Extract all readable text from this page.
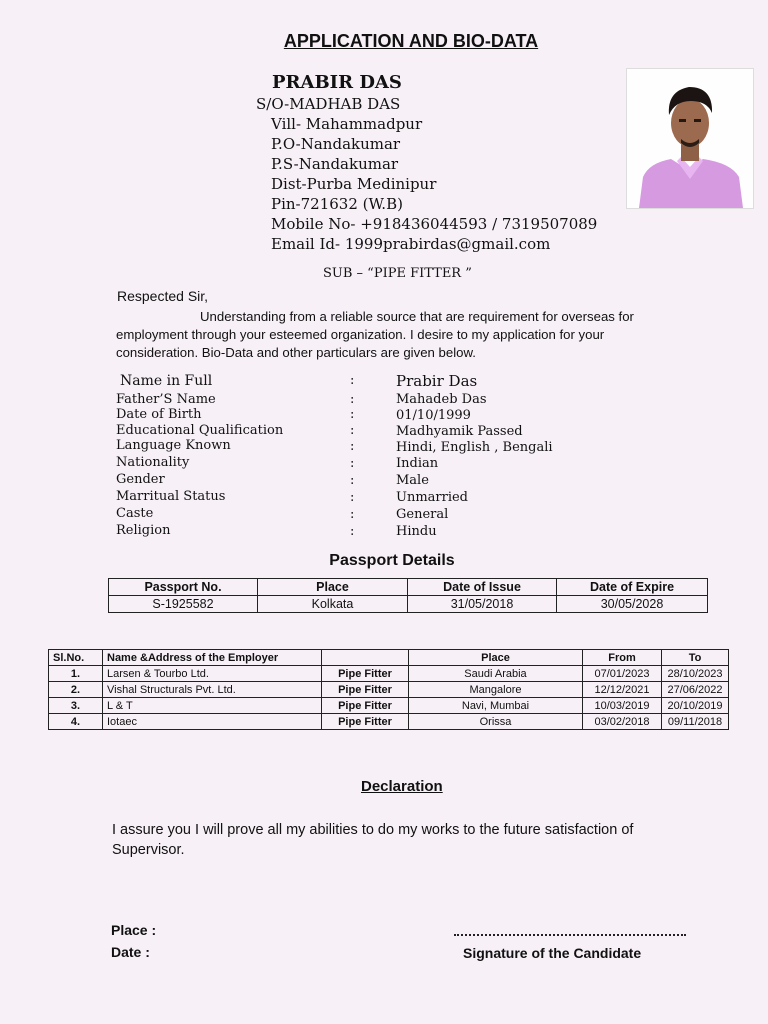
APPLICATION AND BIO-DATA
PRABIR DAS
S/O-MADHAB DAS
Vill- Mahammadpur
P.O-Nandakumar
P.S-Nandakumar
Dist-Purba Medinipur
Pin-721632 (W.B)
Mobile No- +918436044593 / 7319507089
Email Id- 1999prabirdas@gmail.com
SUB – “PIPE FITTER ”
Respected Sir,
Understanding from a reliable source that are requirement for overseas for
employment through your esteemed organization. I desire to my application for your consideration. Bio-Data and other particulars are given below.
Name in Full	:	Prabir Das
Father’S Name	:	Mahadeb Das
Date of Birth	:	01/10/1999
Educational Qualification	:	Madhyamik Passed
Language Known	:	Hindi, English , Bengali
Nationality	:	Indian
Gender	:	Male
Marritual Status	:	Unmarried
Caste	:	General
Religion	:	Hindu
Passport Details
Passport No.	Place	Date of Issue	Date of Expire
S-1925582	Kolkata	31/05/2018	30/05/2028
Sl.No.	Name &Address of the Employer		Place	From	To
1.	Larsen & Tourbo Ltd.	Pipe Fitter	Saudi Arabia	07/01/2023	28/10/2023
2.	Vishal Structurals Pvt. Ltd.	Pipe Fitter	Mangalore	12/12/2021	27/06/2022
3.	L & T	Pipe Fitter	Navi, Mumbai	10/03/2019	20/10/2019
4.	Iotaec	Pipe Fitter	Orissa	03/02/2018	09/11/2018
Declaration
I assure you I will prove all my abilities to do my works to the future satisfaction of Supervisor.
Place :
Date :	Signature of the Candidate
